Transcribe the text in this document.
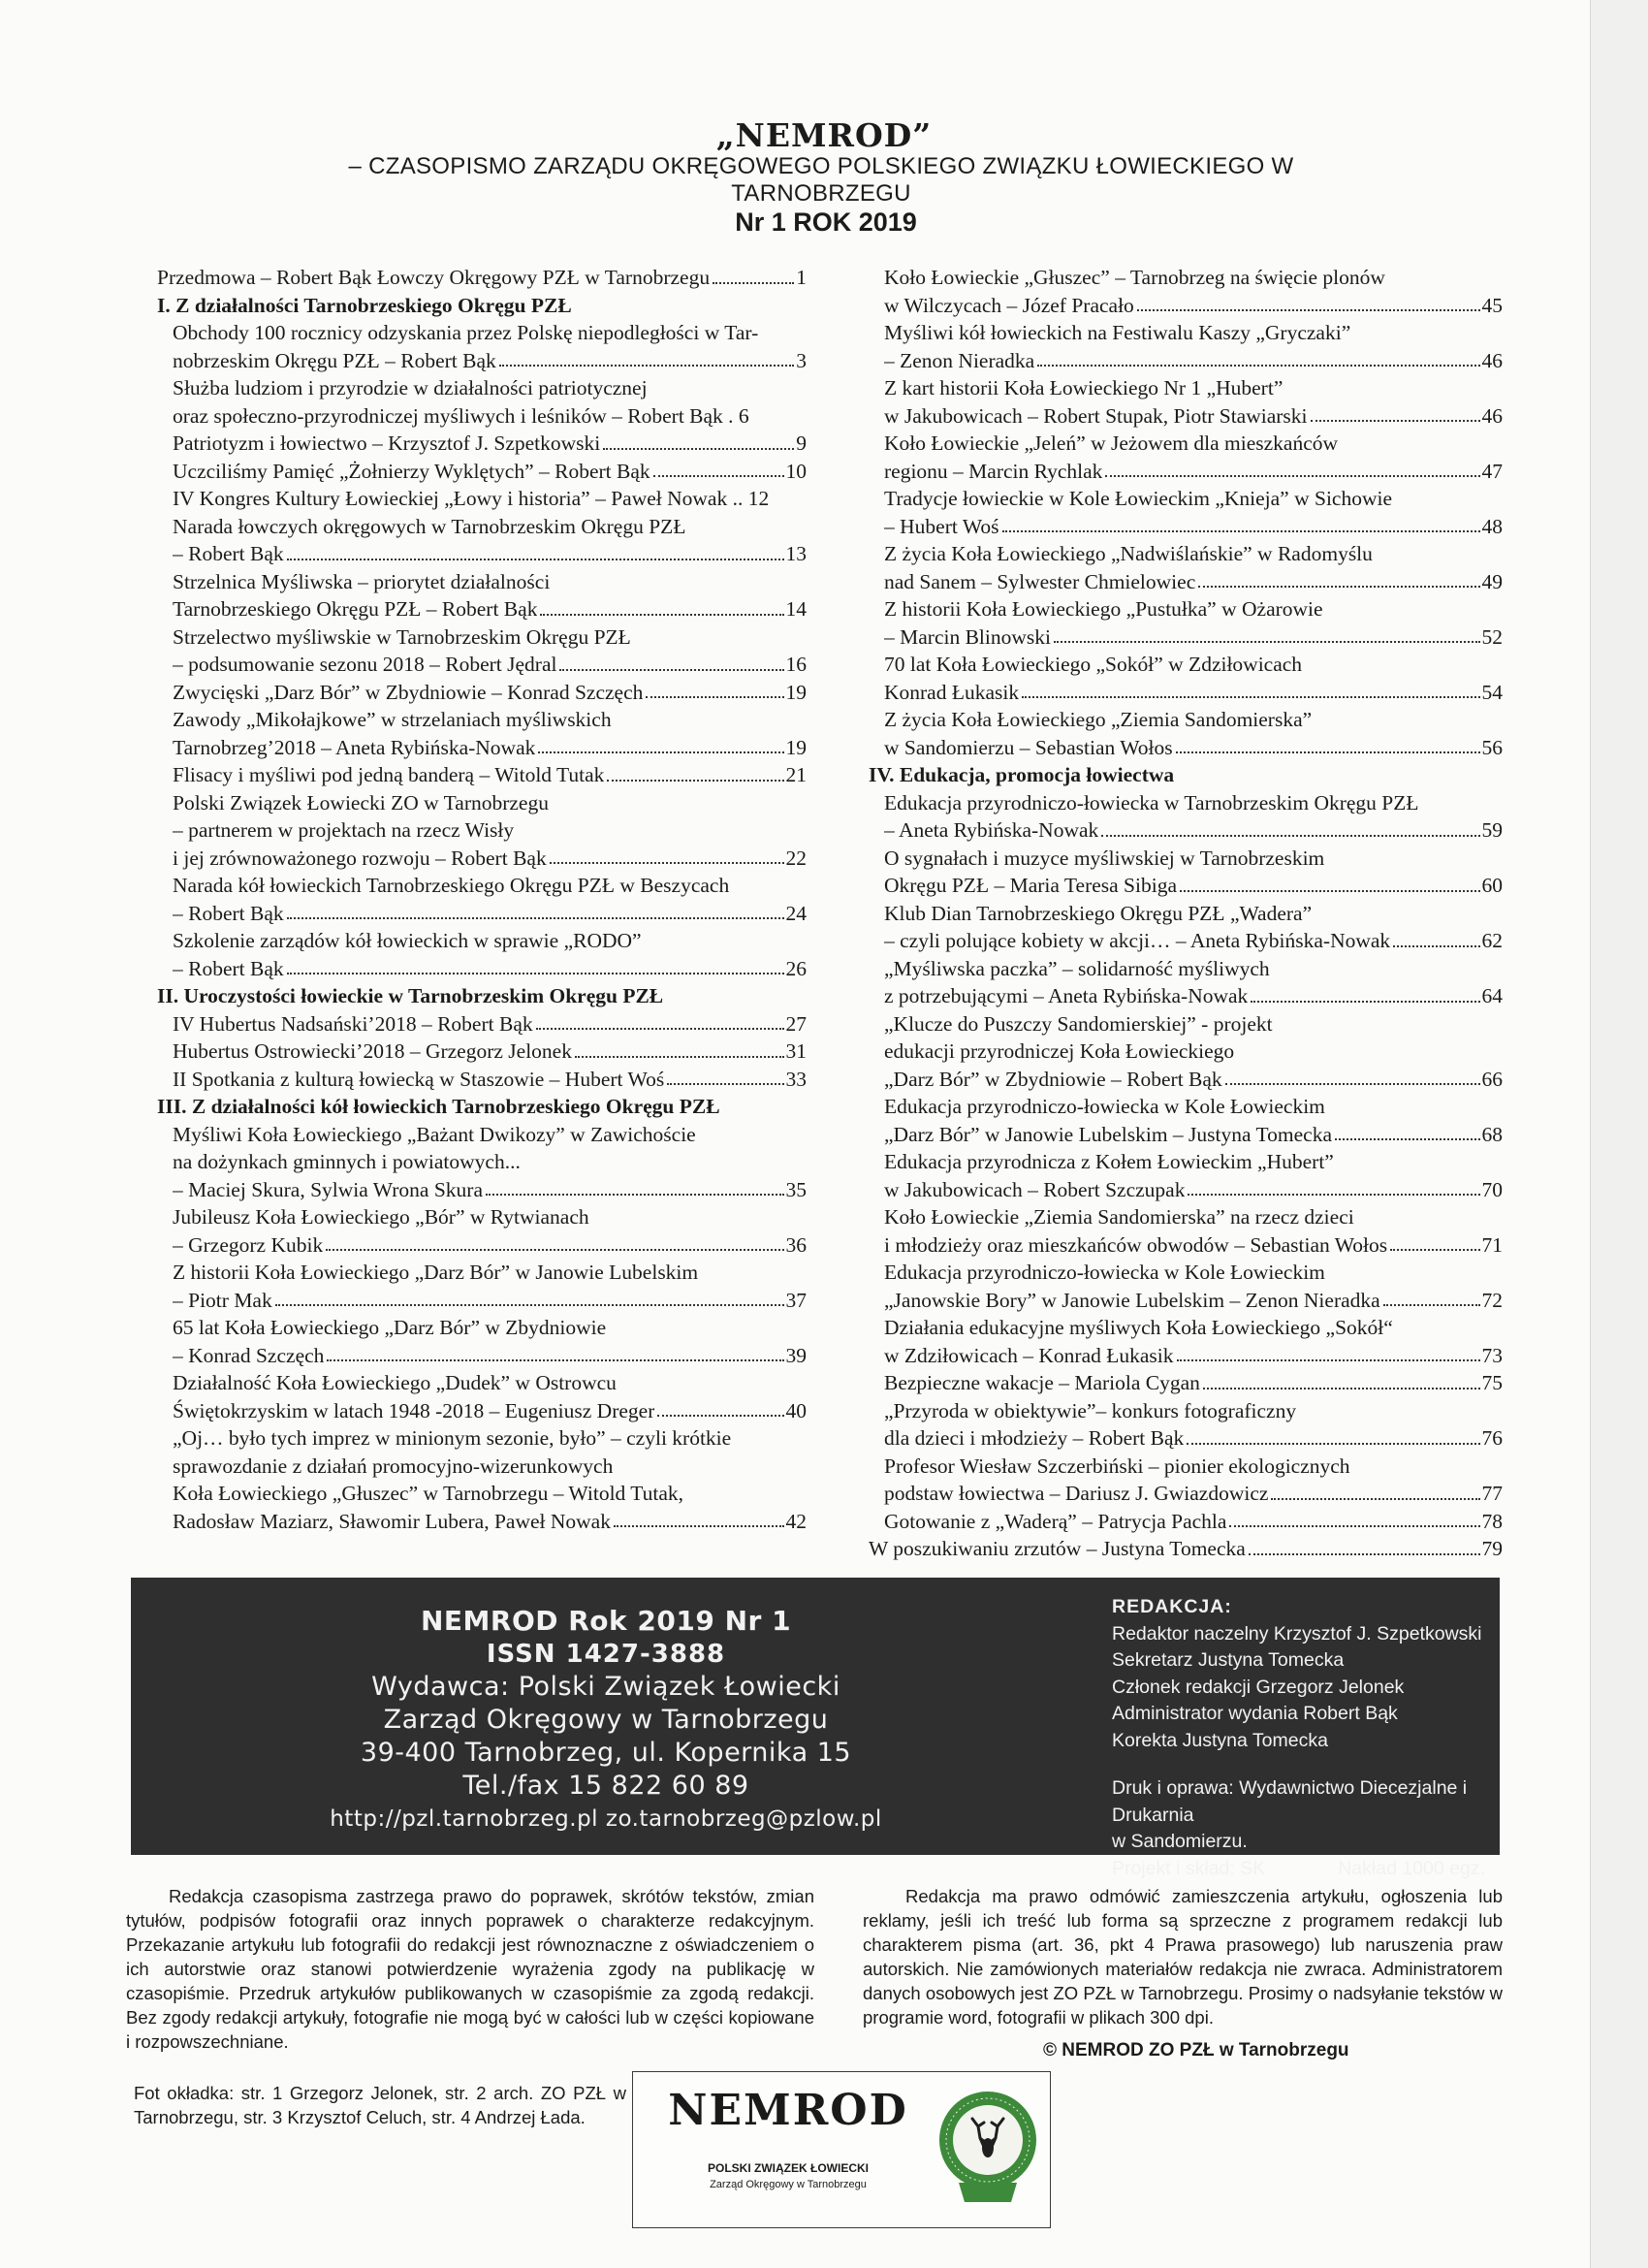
„NEMROD”
– CZASOPISMO ZARZĄDU OKRĘGOWEGO POLSKIEGO ZWIĄZKU ŁOWIECKIEGO W TARNOBRZEGU
Nr 1 ROK 2019
Przedmowa – Robert Bąk Łowczy Okręgowy PZŁ w Tarnobrzegu	1
I. Z działalności Tarnobrzeskiego Okręgu PZŁ
Obchody 100 rocznicy odzyskania przez Polskę niepodległości w Tar-
nobrzeskim Okręgu PZŁ – Robert Bąk	3
Służba ludziom i przyrodzie w działalności patriotycznej
oraz społeczno-przyrodniczej myśliwych i leśników – Robert Bąk . 6
Patriotyzm i łowiectwo – Krzysztof J. Szpetkowski	9
Uczciliśmy Pamięć „Żołnierzy Wyklętych” – Robert Bąk	10
IV Kongres Kultury Łowieckiej „Łowy i historia” – Paweł Nowak .. 12
Narada łowczych okręgowych w Tarnobrzeskim Okręgu PZŁ
– Robert Bąk	13
Strzelnica Myśliwska – priorytet działalności
Tarnobrzeskiego Okręgu PZŁ – Robert Bąk	14
Strzelectwo myśliwskie w Tarnobrzeskim Okręgu PZŁ
– podsumowanie sezonu 2018 – Robert Jędral	16
Zwycięski „Darz Bór” w Zbydniowie – Konrad Szczęch	19
Zawody „Mikołajkowe” w strzelaniach myśliwskich
Tarnobrzeg’2018 – Aneta Rybińska-Nowak	19
Flisacy i myśliwi pod jedną banderą – Witold Tutak	21
Polski Związek Łowiecki ZO w Tarnobrzegu
– partnerem w projektach na rzecz Wisły
i jej zrównoważonego rozwoju – Robert Bąk	22
Narada kół łowieckich Tarnobrzeskiego Okręgu PZŁ w Beszycach
– Robert Bąk	24
Szkolenie zarządów kół łowieckich w sprawie „RODO”
– Robert Bąk	26
II. Uroczystości łowieckie w Tarnobrzeskim Okręgu PZŁ
IV Hubertus Nadsański’2018 – Robert Bąk	27
Hubertus Ostrowiecki’2018 – Grzegorz Jelonek	31
II Spotkania z kulturą łowiecką w Staszowie – Hubert Woś	33
III. Z działalności kół łowieckich Tarnobrzeskiego Okręgu PZŁ
Myśliwi Koła Łowieckiego „Bażant Dwikozy” w Zawichoście
na dożynkach gminnych i powiatowych...
– Maciej Skura, Sylwia Wrona Skura	35
Jubileusz Koła Łowieckiego „Bór” w Rytwianach
– Grzegorz Kubik	36
Z historii Koła Łowieckiego „Darz Bór” w Janowie Lubelskim
– Piotr Mak	37
65 lat Koła Łowieckiego „Darz Bór” w Zbydniowie
– Konrad Szczęch	39
Działalność Koła Łowieckiego „Dudek” w Ostrowcu
Świętokrzyskim w latach 1948 -2018 – Eugeniusz Dreger	40
„Oj… było tych imprez w minionym sezonie, było” – czyli krótkie
sprawozdanie z działań promocyjno-wizerunkowych
Koła Łowieckiego „Głuszec” w Tarnobrzegu – Witold Tutak,
Radosław Maziarz, Sławomir Lubera, Paweł Nowak	42
Koło Łowieckie „Głuszec” – Tarnobrzeg na święcie plonów
w Wilczycach – Józef Pracało	45
Myśliwi kół łowieckich na Festiwalu Kaszy „Gryczaki”
– Zenon Nieradka	46
Z kart historii Koła Łowieckiego Nr 1 „Hubert”
w Jakubowicach – Robert Stupak, Piotr Stawiarski	46
Koło Łowieckie „Jeleń” w Jeżowem dla mieszkańców
regionu – Marcin Rychlak	47
Tradycje łowieckie w Kole Łowieckim „Knieja” w Sichowie
– Hubert Woś	48
Z życia Koła Łowieckiego „Nadwiślańskie” w Radomyślu
nad Sanem – Sylwester Chmielowiec	49
Z historii Koła Łowieckiego „Pustułka” w Ożarowie
– Marcin Blinowski	52
70 lat Koła Łowieckiego „Sokół” w Zdziłowicach
Konrad Łukasik	54
Z życia Koła Łowieckiego „Ziemia Sandomierska”
w Sandomierzu – Sebastian Wołos	56
IV. Edukacja, promocja łowiectwa
Edukacja przyrodniczo-łowiecka w Tarnobrzeskim Okręgu PZŁ
– Aneta Rybińska-Nowak	59
O sygnałach i muzyce myśliwskiej w Tarnobrzeskim
Okręgu PZŁ – Maria Teresa Sibiga	60
Klub Dian Tarnobrzeskiego Okręgu PZŁ „Wadera”
– czyli polujące kobiety w akcji… – Aneta Rybińska-Nowak	62
„Myśliwska paczka” – solidarność myśliwych
z potrzebującymi – Aneta Rybińska-Nowak	64
„Klucze do Puszczy Sandomierskiej” - projekt
edukacji przyrodniczej Koła Łowieckiego
„Darz Bór” w Zbydniowie – Robert Bąk	66
Edukacja przyrodniczo-łowiecka w Kole Łowieckim
„Darz Bór” w Janowie Lubelskim – Justyna Tomecka	68
Edukacja przyrodnicza z Kołem Łowieckim „Hubert”
w Jakubowicach – Robert Szczupak	70
Koło Łowieckie „Ziemia Sandomierska” na rzecz dzieci
i młodzieży oraz mieszkańców obwodów – Sebastian Wołos	71
Edukacja przyrodniczo-łowiecka w Kole Łowieckim
„Janowskie Bory” w Janowie Lubelskim – Zenon Nieradka	72
Działania edukacyjne myśliwych Koła Łowieckiego „Sokół“
w Zdziłowicach – Konrad Łukasik	73
Bezpieczne wakacje – Mariola Cygan	75
„Przyroda w obiektywie”– konkurs fotograficzny
dla dzieci i młodzieży – Robert Bąk	76
Profesor Wiesław Szczerbiński – pionier ekologicznych
podstaw łowiectwa – Dariusz J. Gwiazdowicz	77
Gotowanie z „Waderą” – Patrycja Pachla	78
W poszukiwaniu zrzutów – Justyna Tomecka	79
NEMROD Rok 2019 Nr 1
ISSN 1427-3888
Wydawca: Polski Związek Łowiecki
Zarząd Okręgowy w Tarnobrzegu
39-400 Tarnobrzeg, ul. Kopernika 15
Tel./fax 15 822 60 89
http://pzl.tarnobrzeg.pl zo.tarnobrzeg@pzlow.pl
REDAKCJA:
Redaktor naczelny Krzysztof J. Szpetkowski
Sekretarz Justyna Tomecka
Członek redakcji Grzegorz Jelonek
Administrator wydania Robert Bąk
Korekta Justyna Tomecka
Druk i oprawa: Wydawnictwo Diecezjalne i Drukarnia
w Sandomierzu.
Projekt i skład: SK	Nakład 1000 egz.
Redakcja czasopisma zastrzega prawo do poprawek, skrótów tekstów, zmian tytułów, podpisów fotografii oraz innych poprawek o charakterze redakcyjnym. Przekazanie artykułu lub fotografii do redakcji jest równoznaczne z oświadczeniem o ich autorstwie oraz stanowi potwierdzenie wyrażenia zgody na publikację w czasopiśmie. Przedruk artykułów publikowanych w czasopiśmie za zgodą redakcji. Bez zgody redakcji artykuły, fotografie nie mogą być w całości lub w części kopiowane i rozpowszechniane.
Redakcja ma prawo odmówić zamieszczenia artykułu, ogłoszenia lub reklamy, jeśli ich treść lub forma są sprzeczne z programem redakcji lub charakterem pisma (art. 36, pkt 4 Prawa prasowego) lub naruszenia praw autorskich. Nie zamówionych materiałów redakcja nie zwraca. Administratorem danych osobowych jest ZO PZŁ w Tarnobrzegu. Prosimy o nadsyłanie tekstów w programie word, fotografii w plikach 300 dpi.
© NEMROD ZO PZŁ w Tarnobrzegu
Fot okładka: str. 1 Grzegorz Jelonek, str. 2 arch. ZO PZŁ w Tarnobrzegu, str. 3 Krzysztof Celuch, str. 4 Andrzej Łada.	NEMROD
POLSKI ZWIĄZEK ŁOWIECKI
Zarząd Okręgowy w Tarnobrzegu
